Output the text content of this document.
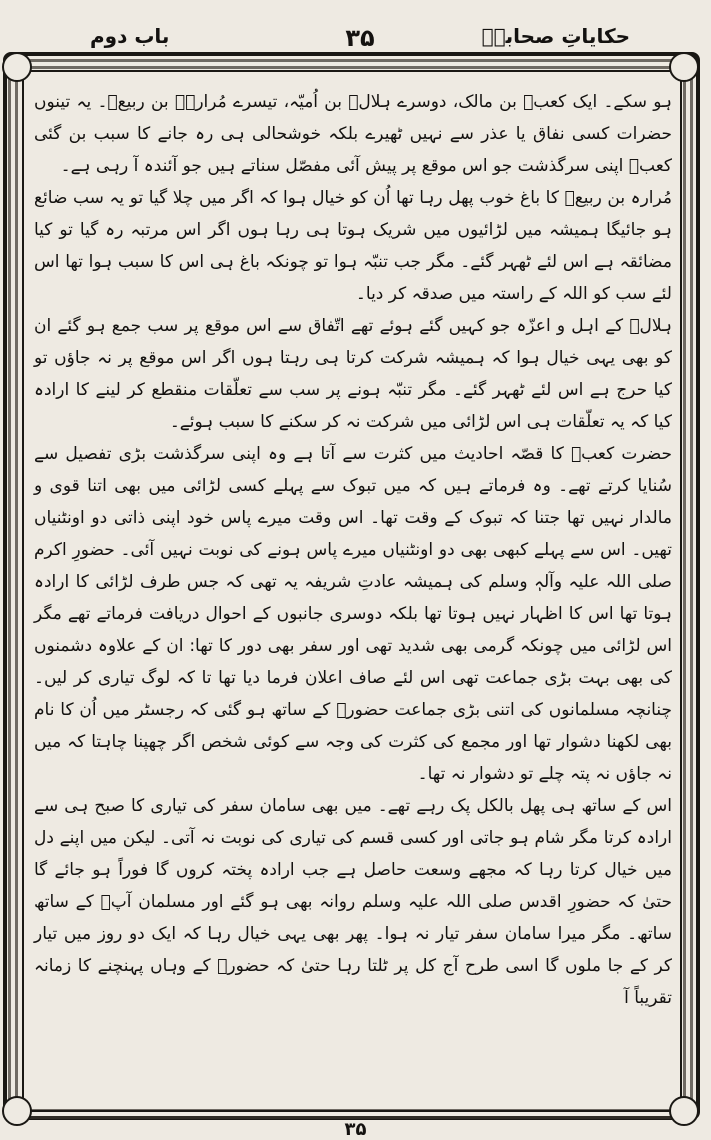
حکایاتِ صحابہؓ
۳۵
باب دوم

ہو سکے۔ ایک کعبؓ بن مالک، دوسرے ہلالؓ بن اُمیّہ، تیسرے مُرارہؓ بن ربیعؓ۔ یہ تینوں حضرات کسی نفاق یا عذر سے نہیں ٹھیرے بلکہ خوشحالی ہی رہ جانے کا سبب بن گئی کعبؓ اپنی سرگذشت جو اس موقع پر پیش آئی مفصّل سناتے ہیں جو آئندہ آ رہی ہے۔

مُرارہ بن ربیعؓ کا باغ خوب پھل رہا تھا اُن کو خیال ہوا کہ اگر میں چلا گیا تو یہ سب ضائع ہو جائیگا ہمیشہ میں لڑائیوں میں شریک ہوتا ہی رہا ہوں اگر اس مرتبہ رہ گیا تو کیا مضائقہ ہے اس لئے ٹھہر گئے۔ مگر جب تنبّہ ہوا تو چونکہ باغ ہی اس کا سبب ہوا تھا اس لئے سب کو اللہ کے راستہ میں صدقہ کر دیا۔

ہلالؓ کے اہل و اعزّہ جو کہیں گئے ہوئے تھے اتّفاق سے اس موقع پر سب جمع ہو گئے ان کو بھی یہی خیال ہوا کہ ہمیشہ شرکت کرتا ہی رہتا ہوں اگر اس موقع پر نہ جاؤں تو کیا حرج ہے اس لئے ٹھہر گئے۔ مگر تنبّہ ہونے پر سب سے تعلّقات منقطع کر لینے کا ارادہ کیا کہ یہ تعلّقات ہی اس لڑائی میں شرکت نہ کر سکنے کا سبب ہوئے۔

حضرت کعبؓ کا قصّہ احادیث میں کثرت سے آتا ہے وہ اپنی سرگذشت بڑی تفصیل سے سُنایا کرتے تھے۔ وہ فرماتے ہیں کہ میں تبوک سے پہلے کسی لڑائی میں بھی اتنا قوی و مالدار نہیں تھا جتنا کہ تبوک کے وقت تھا۔ اس وقت میرے پاس خود اپنی ذاتی دو اونٹنیاں تھیں۔ اس سے پہلے کبھی بھی دو اونٹنیاں میرے پاس ہونے کی نوبت نہیں آئی۔ حضورِ اکرم صلی اللہ علیہ وآلہٖ وسلم کی ہمیشہ عادتِ شریفہ یہ تھی کہ جس طرف لڑائی کا ارادہ ہوتا تھا اس کا اظہار نہیں ہوتا تھا بلکہ دوسری جانبوں کے احوال دریافت فرماتے تھے مگر اس لڑائی میں چونکہ گرمی بھی شدید تھی اور سفر بھی دور کا تھا: ان کے علاوہ دشمنوں کی بھی بہت بڑی جماعت تھی اس لئے صاف اعلان فرما دیا تھا تا کہ لوگ تیاری کر لیں۔ چنانچہ مسلمانوں کی اتنی بڑی جماعت حضورؐ کے ساتھ ہو گئی کہ رجسٹر میں اُن کا نام بھی لکھنا دشوار تھا اور مجمع کی کثرت کی وجہ سے کوئی شخص اگر چھپنا چاہتا کہ میں نہ جاؤں نہ پتہ چلے تو دشوار نہ تھا۔

اس کے ساتھ ہی پھل بالکل پک رہے تھے۔ میں بھی سامان سفر کی تیاری کا صبح ہی سے ارادہ کرتا مگر شام ہو جاتی اور کسی قسم کی تیاری کی نوبت نہ آتی۔ لیکن میں اپنے دل میں خیال کرتا رہا کہ مجھے وسعت حاصل ہے جب ارادہ پختہ کروں گا فوراً ہو جائے گا حتیٰ کہ حضورِ اقدس صلی اللہ علیہ وسلم روانہ بھی ہو گئے اور مسلمان آپؐ کے ساتھ ساتھ۔ مگر میرا سامان سفر تیار نہ ہوا۔ پھر بھی یہی خیال رہا کہ ایک دو روز میں تیار کر کے جا ملوں گا اسی طرح آج کل پر ٹلتا رہا حتیٰ کہ حضورؐ کے وہاں پہنچنے کا زمانہ تقریباً آ

۳۵
